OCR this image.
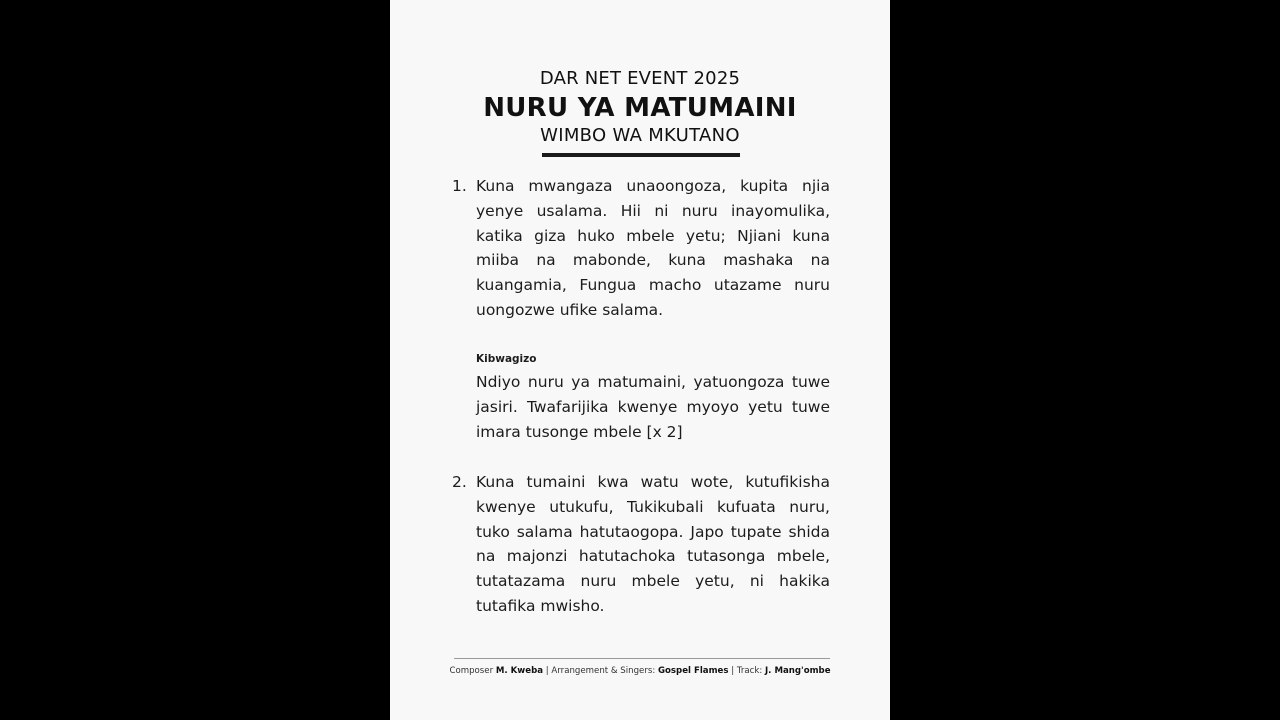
DAR NET EVENT 2025
NURU YA MATUMAINI
WIMBO WA MKUTANO
1. Kuna mwangaza unaoongoza, kupita njia yenye usalama. Hii ni nuru inayomulika, katika giza huko mbele yetu; Njiani kuna miiba na mabonde, kuna mashaka na kuangamia, Fungua macho utazame nuru uongozwe ufike salama.
Kibwagizo
Ndiyo nuru ya matumaini, yatuongoza tuwe jasiri. Twafarijika kwenye myoyo yetu tuwe imara tusonge mbele [x 2]
2. Kuna tumaini kwa watu wote, kutufikisha kwenye utukufu, Tukikubali kufuata nuru, tuko salama hatutaogopa. Japo tupate shida na majonzi hatutachoka tutasonga mbele, tutatazama nuru mbele yetu, ni hakika tutafika mwisho.
Composer M. Kweba | Arrangement & Singers: Gospel Flames | Track: J. Mang'ombe
